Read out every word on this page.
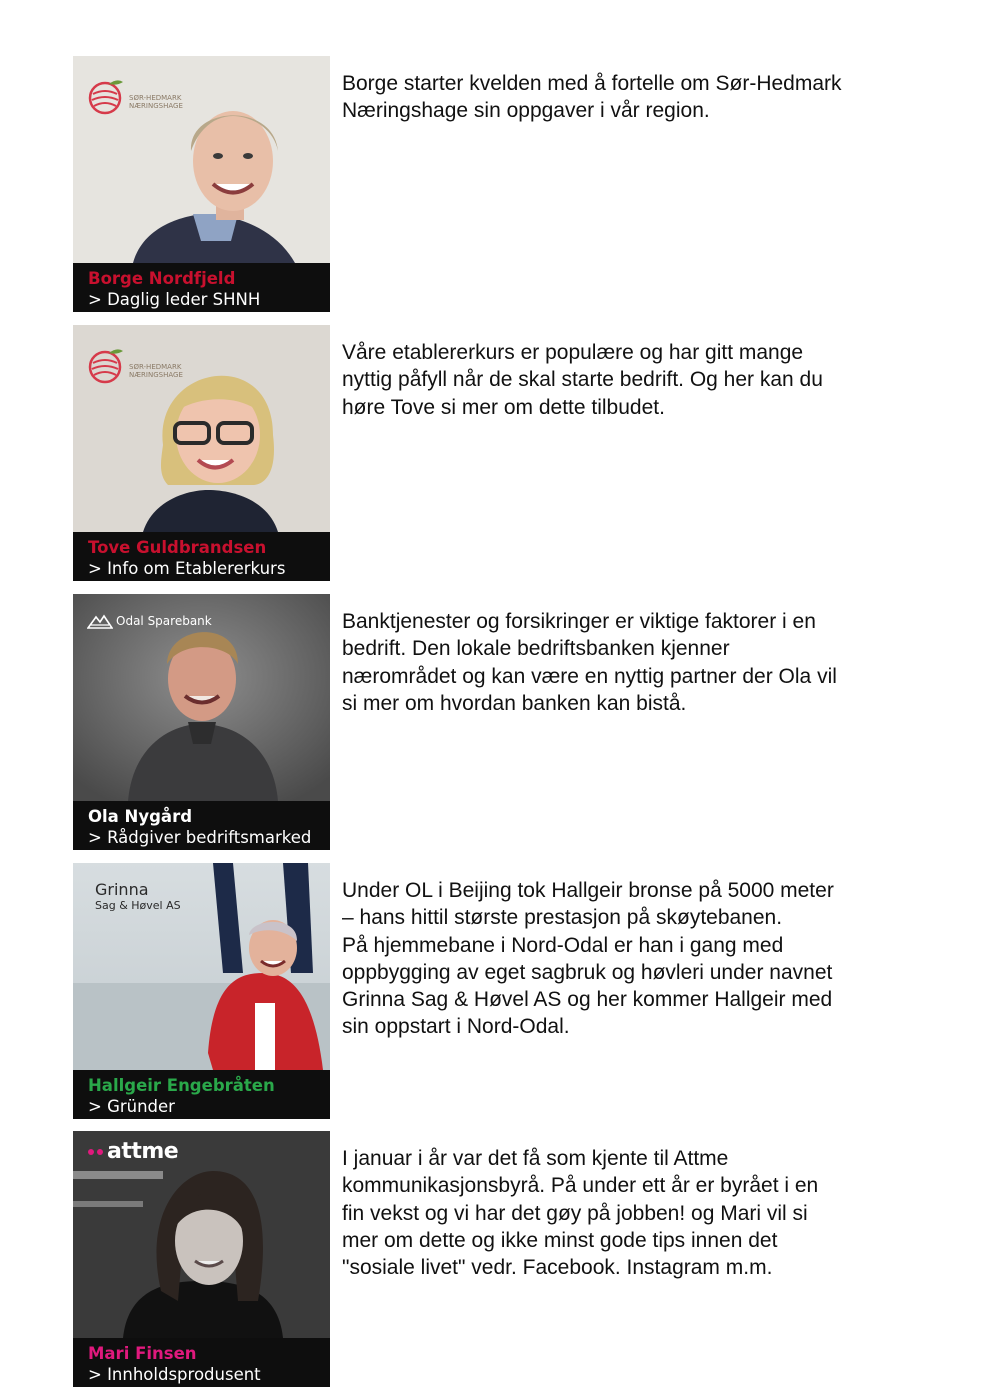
SØR-HEDMARK
NÆRINGSHAGE
Borge Nordfjeld
> Daglig leder SHNH

Borge starter kvelden med å fortelle om Sør-Hedmark Næringshage sin oppgaver i vår region.

SØR-HEDMARK
NÆRINGSHAGE
Tove Guldbrandsen
> Info om Etablererkurs

Våre etablererkurs er populære og har gitt mange nyttig påfyll når de skal starte bedrift. Og her kan du høre Tove si mer om dette tilbudet.

Odal Sparebank
Ola Nygård
> Rådgiver bedriftsmarked

Banktjenester og forsikringer er viktige faktorer i en bedrift. Den lokale bedriftsbanken kjenner nærområdet og kan være en nyttig partner der Ola vil si mer om hvordan banken kan bistå.

Grinna
Sag & Høvel AS
Hallgeir Engebråten
> Gründer

Under OL i Beijing tok Hallgeir bronse på 5000 meter – hans hittil største prestasjon på skøytebanen.

På hjemmebane i Nord-Odal er han i gang med oppbygging av eget sagbruk og høvleri under navnet Grinna Sag & Høvel AS og her kommer Hallgeir med sin oppstart i Nord-Odal.

attme
Mari Finsen
> Innholdsprodusent

I januar i år var det få som kjente til Attme kommunikasjonsbyrå. På under ett år er byrået i en fin vekst og vi har det gøy på jobben! og Mari vil si mer om dette og ikke minst gode tips innen det "sosiale livet" vedr. Facebook. Instagram m.m.
